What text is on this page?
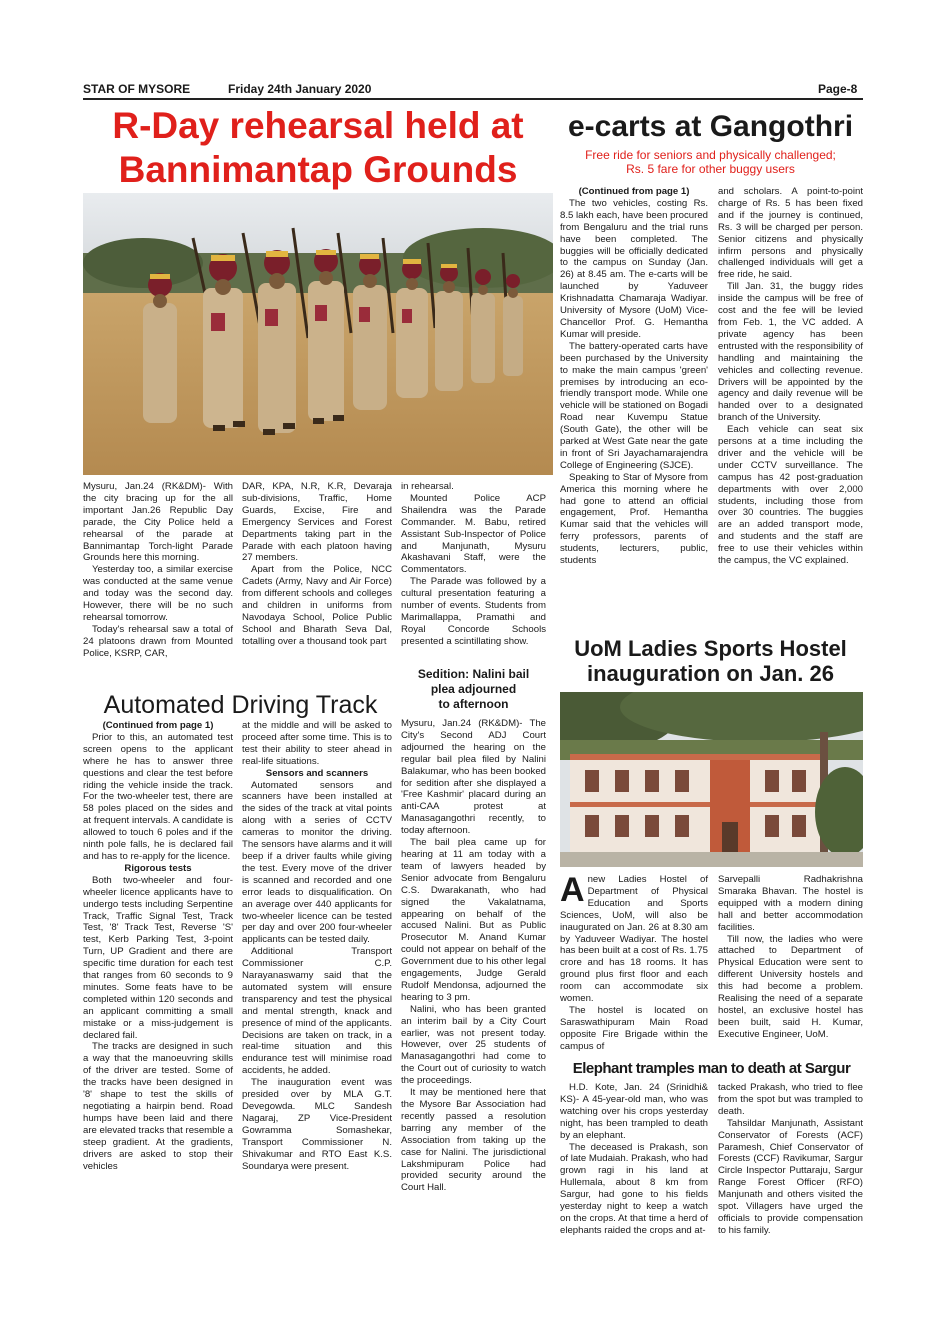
STAR OF MYSORE	Friday 24th January 2020	Page-8
R-Day rehearsal held at
Bannimantap Grounds

Mysuru, Jan.24 (RK&DM)- With the city bracing up for the all important Jan.26 Republic Day parade, the City Police held a rehearsal of the parade at Bannimantap Torch-light Parade Grounds here this morning.

Yesterday too, a similar exercise was conducted at the same venue and today was the second day. However, there will be no such rehearsal tomorrow.

Today's rehearsal saw a total of 24 platoons drawn from Mounted Police, KSRP, CAR,

DAR, KPA, N.R, K.R, Devaraja sub-divisions, Traffic, Home Guards, Excise, Fire and Emergency Services and Forest Departments taking part in the Parade with each platoon having 27 members.

Apart from the Police, NCC Cadets (Army, Navy and Air Force) from different schools and colleges and children in uniforms from Navodaya School, Police Public School and Bharath Seva Dal, totalling over a thousand took part

in rehearsal.

Mounted Police ACP Shailendra was the Parade Commander. M. Babu, retired Assistant Sub-Inspector of Police and Manjunath, Mysuru Akashavani Staff, were the Commentators.

The Parade was followed by a cultural presentation featuring a number of events. Students from Marimallappa, Pramathi and Royal Concorde Schools presented a scintillating show.

e-carts at Gangothri
Free ride for seniors and physically challenged;
Rs. 5 fare for other buggy users

(Continued from page 1)

The two vehicles, costing Rs. 8.5 lakh each, have been procured from Bengaluru and the trial runs have been completed. The buggies will be officially dedicated to the campus on Sunday (Jan. 26) at 8.45 am. The e-carts will be launched by Yaduveer Krishnadatta Chamaraja Wadiyar. University of Mysore (UoM) Vice-Chancellor Prof. G. Hemantha Kumar will preside.

The battery-operated carts have been purchased by the University to make the main campus 'green' premises by introducing an eco-friendly transport mode. While one vehicle will be stationed on Bogadi Road near Kuvempu Statue (South Gate), the other will be parked at West Gate near the gate in front of Sri Jayachamarajendra College of Engineering (SJCE).

Speaking to Star of Mysore from America this morning where he had gone to attend an official engagement, Prof. Hemantha Kumar said that the vehicles will ferry professors, parents of students, lecturers, public, students

and scholars. A point-to-point charge of Rs. 5 has been fixed and if the journey is continued, Rs. 3 will be charged per person. Senior citizens and physically infirm persons and physically challenged individuals will get a free ride, he said.

Till Jan. 31, the buggy rides inside the campus will be free of cost and the fee will be levied from Feb. 1, the VC added. A private agency has been entrusted with the responsibility of handling and maintaining the vehicles and collecting revenue. Drivers will be appointed by the agency and daily revenue will be handed over to a designated branch of the University.

Each vehicle can seat six persons at a time including the driver and the vehicle will be under CCTV surveillance. The campus has 42 post-graduation departments with over 2,000 students, including those from over 30 countries. The buggies are an added transport mode, and students and the staff are free to use their vehicles within the campus, the VC explained.

Automated Driving Track

(Continued from page 1)

Prior to this, an automated test screen opens to the applicant where he has to answer three questions and clear the test before riding the vehicle inside the track. For the two-wheeler test, there are 58 poles placed on the sides and at frequent intervals. A candidate is allowed to touch 6 poles and if the ninth pole falls, he is declared fail and has to re-apply for the licence.

Rigorous tests

Both two-wheeler and four-wheeler licence applicants have to undergo tests including Serpentine Track, Traffic Signal Test, Track Test, '8' Track Test, Reverse 'S' test, Kerb Parking Test, 3-point Turn, UP Gradient and there are specific time duration for each test that ranges from 60 seconds to 9 minutes. Some feats have to be completed within 120 seconds and an applicant committing a small mistake or a miss-judgement is declared fail.

The tracks are designed in such a way that the manoeuvring skills of the driver are tested. Some of the tracks have been designed in '8' shape to test the skills of negotiating a hairpin bend. Road humps have been laid and there are elevated tracks that resemble a steep gradient. At the gradients, drivers are asked to stop their vehicles

at the middle and will be asked to proceed after some time. This is to test their ability to steer ahead in real-life situations.

Sensors and scanners

Automated sensors and scanners have been installed at the sides of the track at vital points along with a series of CCTV cameras to monitor the driving. The sensors have alarms and it will beep if a driver faults while giving the test. Every move of the driver is scanned and recorded and one error leads to disqualification. On an average over 440 applicants for two-wheeler licence can be tested per day and over 200 four-wheeler applicants can be tested daily.

Additional Transport Commissioner C.P. Narayanaswamy said that the automated system will ensure transparency and test the physical and mental strength, knack and presence of mind of the applicants. Decisions are taken on track, in a real-time situation and this endurance test will minimise road accidents, he added.

The inauguration event was presided over by MLA G.T. Devegowda. MLC Sandesh Nagaraj, ZP Vice-President Gowramma Somashekar, Transport Commissioner N. Shivakumar and RTO East K.S. Soundarya were present.

Sedition: Nalini bail
plea adjourned
to afternoon

Mysuru, Jan.24 (RK&DM)- The City's Second ADJ Court adjourned the hearing on the regular bail plea filed by Nalini Balakumar, who has been booked for sedition after she displayed a 'Free Kashmir' placard during an anti-CAA protest at Manasagangothri recently, to today afternoon.

The bail plea came up for hearing at 11 am today with a team of lawyers headed by Senior advocate from Bengaluru C.S. Dwarakanath, who had signed the Vakalatnama, appearing on behalf of the accused Nalini. But as Public Prosecutor M. Anand Kumar could not appear on behalf of the Government due to his other legal engagements, Judge Gerald Rudolf Mendonsa, adjourned the hearing to 3 pm.

Nalini, who has been granted an interim bail by a City Court earlier, was not present today. However, over 25 students of Manasagangothri had come to the Court out of curiosity to watch the proceedings.

It may be mentioned here that the Mysore Bar Association had recently passed a resolution barring any member of the Association from taking up the case for Nalini. The jurisdictional Lakshmipuram Police had provided security around the Court Hall.

UoM Ladies Sports Hostel
inauguration on Jan. 26

Anew Ladies Hostel of Department of Physical Education and Sports Sciences, UoM, will also be inaugurated on Jan. 26 at 8.30 am by Yaduveer Wadiyar. The hostel has been built at a cost of Rs. 1.75 crore and has 18 rooms. It has ground plus first floor and each room can accommodate six women.

The hostel is located on Saraswathipuram Main Road opposite Fire Brigade within the campus of

Sarvepalli Radhakrishna Smaraka Bhavan. The hostel is equipped with a modern dining hall and better accommodation facilities.

Till now, the ladies who were attached to Department of Physical Education were sent to different University hostels and this had become a problem. Realising the need of a separate hostel, an exclusive hostel has been built, said H. Kumar, Executive Engineer, UoM.

Elephant tramples man to death at Sargur

H.D. Kote, Jan. 24 (Srinidhi& KS)- A 45-year-old man, who was watching over his crops yesterday night, has been trampled to death by an elephant.

The deceased is Prakash, son of late Mudaiah. Prakash, who had grown ragi in his land at Hullemala, about 8 km from Sargur, had gone to his fields yesterday night to keep a watch on the crops. At that time a herd of elephants raided the crops and at-

tacked Prakash, who tried to flee from the spot but was trampled to death.

Tahsildar Manjunath, Assistant Conservator of Forests (ACF) Paramesh, Chief Conservator of Forests (CCF) Ravikumar, Sargur Circle Inspector Puttaraju, Sargur Range Forest Officer (RFO) Manjunath and others visited the spot. Villagers have urged the officials to provide compensation to his family.
